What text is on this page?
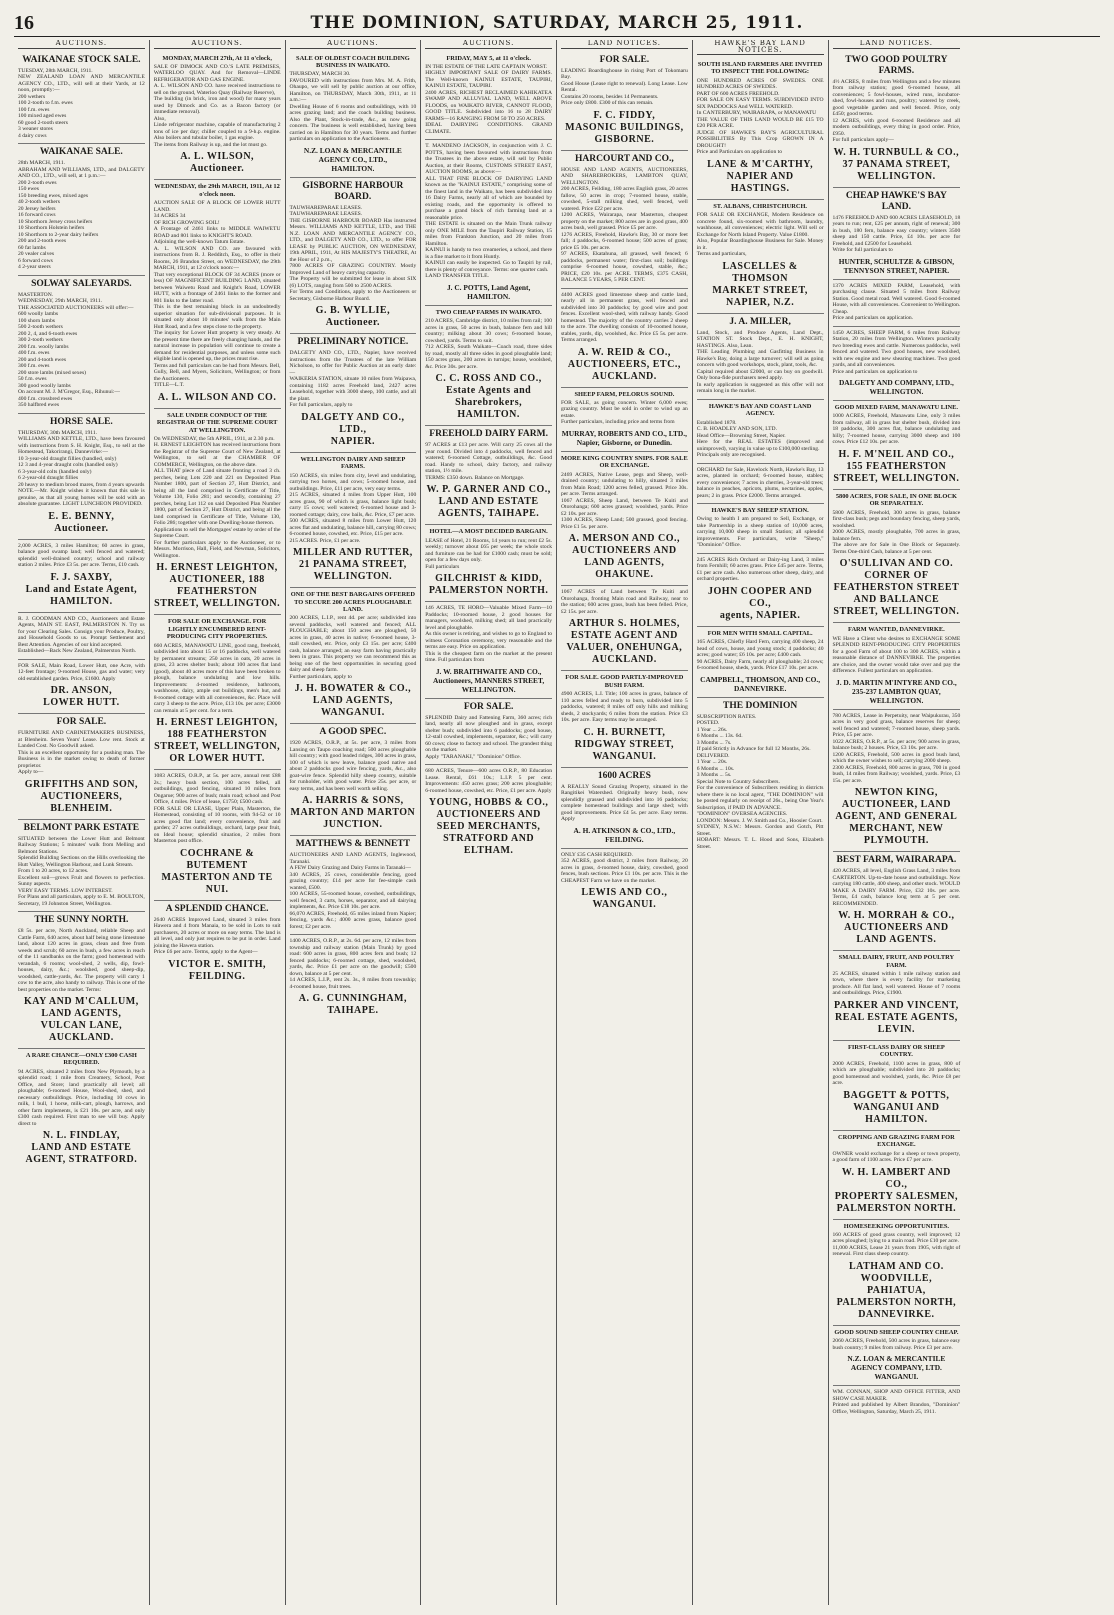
16	THE DOMINION, SATURDAY, MARCH 25, 1911.
AUCTIONS.
WAIKANAE STOCK SALE.
TUESDAY, 28th MARCH, 1911.
NEW ZEALAND LOAN AND MERCANTILE AGENCY CO., LTD., will sell at their Yards, at 12 noon, promptly:—
200 wethers
100 2-tooth to f.m. ewes
100 f.m. ewes
100 mixed aged ewes
60 good 2-tooth steers
3 weaner stores
4 dairy cows
WAIKANAE SALE.
28th MARCH, 1911.
ABRAHAM AND WILLIAMS, LTD., and DALGETY AND CO., LTD., will sell, at 1 p.m.:—
200 2-tooth ewes
150 ewes
150 breeding ewes, mixed ages
40 2-tooth wethers
20 Jersey heifers
16 forward cows
10 Shorthorn Jersey cross heifers
10 Shorthorn Holstein heifers
10 Shorthorn to 2-year dairy heifers
200 and 2-tooth ewes
60 fat lambs
20 vealer calves
6 forward cows
4 2-year steers
SOLWAY SALEYARDS.
MASTERTON.
WEDNESDAY, 29th MARCH, 1911.
THE ASSOCIATED AUCTIONEERS will offer:—
600 woolly lambs
100 shorn lambs
500 2-tooth wethers
200 2, 4, and 6-tooth ewes
300 2-tooth wethers
200 f.m. woolly lambs
400 f.m. ewes
200 and 4-tooth ewes
300 f.m. ewes
200 store lambs (mixed sexes)
50 f.m. ewes
300 good woolly lambs
On account M. J. M'Gregor, Esq., Rihunui:—
400 f.m. crossbred ewes
350 halfbred ewes
HORSE SALE.
THURSDAY, 30th MARCH, 1911.
WILLIAMS AND KETTLE, LTD., have been favoured with instructions from S. H. Knight, Esq., to sell at the Homestead, Takorirangi, Dannevirke:—
10 3-year-old draught fillies (handled, only)
12 3 and 4-year draught colts (handled only)
6 3-year-old colts (handled only)
6 2-year-old draught fillies
20 heavy to medium brood mares, from 4 years upwards
NOTE.—Mr. Knight wishes it known that this sale is genuine, as that all young horses will be sold with an absolute guarantee. LIGHT LUNCHEON PROVIDED.
E. E. BENNY,
Auctioneer.
2,000 ACRES, 3 miles Hamilton; 60 acres in grass, balance good swamp land; well fenced and watered; splendid well-drained country; school and railway station 2 miles. Price £3 5s. per acre. Terms, £10 cash.
F. J. SAXBY,
Land and Estate Agent, HAMILTON.
R. J. GOODMAN AND CO., Auctioneers and Estate Agents, MAIN ST. EAST, PALMERSTON N. Try us for your Clearing Sales. Consign your Produce, Poultry, and Household Goods to us. Prompt Settlement and Best Attention. Agencies of our kind accepted.
Established—Back New Zealand, Palmerston North.
FOR SALE, Main Road, Lower Hutt, one Acre, with 12-feet frontage; 9-roomed House, gas and water; very old established garden. Price, £1600. Apply
DR. ANSON,
LOWER HUTT.
FOR SALE.
FURNITURE AND CABINETMAKER'S BUSINESS, at Blenheim. Seven Years' Lease. Low rent. Stock at Landed Cost. No Goodwill asked.
This is an excellent opportunity for a pushing man. The Business is in the market owing to death of former proprietor.
Apply to—
GRIFFITHS AND SON,
AUCTIONEERS, BLENHEIM.
BELMONT PARK ESTATE
SITUATED between the Lower Hutt and Belmont Railway Stations; 5 minutes' walk from Melling and Belmont Stations.
Splendid Building Sections on the Hills overlooking the Hutt Valley, Wellington Harbour, and Lunk Stream.
From 1 to 20 acres, to 12 acres.
Excellent soil—grows Fruit and flowers to perfection. Sunny aspects.
VERY EASY TERMS. LOW INTEREST.
For Plans and all particulars, apply to E. M. BOULTON, Secretary, 19 Johnston Street, Wellington.
THE SUNNY NORTH.
£8 5s. per acre, North Auckland, reliable Sheep and Cattle Farm, 640 acres, about half being stone limestone land, about 120 acres in grass, clean and free from weeds and scrub; 60 acres in bush, a few acres in reach of the 11 sandbanks on the farm; good homestead with verandah, 6 rooms; wool-shed, 2 wells, dip, fowl-houses, dairy, &c.; woolshed, good sheep-dip, woodshed, cattle-yards, &c. The property will carry 1 cow to the acre, also handy to railway. This is one of the best properties on the market. Terms:
KAY AND M'CALLUM,
LAND AGENTS, VULCAN LANE, AUCKLAND.
A RARE CHANCE—ONLY £300 CASH REQUIRED.
94 ACRES, situated 2 miles from New Plymouth, by a splendid road; 1 mile from Creamery, School, Post Office, and Store; land practically all level; all ploughable; 6-roomed House, Wool-shed, shed, and necessary outbuildings. Price, including 10 cows in milk, 1 bull, 1 horse, milk-cart, plough, harrows, and other farm implements, is £21 10s. per acre, and only £300 cash required. First man to see will buy. Apply direct to
N. L. FINDLAY,
LAND AND ESTATE AGENT, STRATFORD.
AUCTIONS.
MONDAY, MARCH 27th, At 11 o'clock,
SALE OF DIMOCK AND CO.'S LATE PREMISES, WATERLOO QUAY. And for Removal—LINDE REFRIGERATOR AND GAS ENGINE.
A. L. WILSON AND CO. have received instructions to sell on the ground, Waterloo Quay (Railway Reserve),
The building (in brick, iron and wood) for many years used by Dimock and Co. as a Bacon factory (or immediate removal).
Also,
Linde refrigerator machine, capable of manufacturing 2 tons of ice per day; chiller coupled to a 9-h.p. engine. Also boilers and tubular boiler, 1 gas engine.
The items from Railway is up, and the lot must go.
A. L. WILSON, Auctioneer.
WEDNESDAY, the 29th MARCH, 1911, At 12 o'clock noon.
AUCTION SALE OF A BLOCK OF LOWER HUTT LAND.
34 ACRES 34
OF RICH GROWING SOIL!
A Frontage of 2461 links to MIDDLE WAIWETU ROAD and 801 links to KNIGHT'S ROAD.
Adjoining the well-known Tatum Estate.
A. L. WILSON AND CO. are favoured with instructions from R. J. Redditch, Esq., to offer in their Rooms, 26 Brandon Street, on WEDNESDAY, the 29th MARCH, 1911, at 12 o'clock noon:—
That very exceptional BLOCK OF 34 ACRES (more or less) OF MAGNIFICENT BUILDING LAND, situated between Waiwetu Road and Knight's Road, LOWER HUTT, with a frontage of 2461 links to the former and 801 links to the latter road.
This is the best remaining block in an undoubtedly superior situation for sub-divisional purposes. It is situated only about 10 minutes' walk from the Main Hutt Road, and a few steps close to the property.
The inquiry for Lower Hutt property is very steady. At the present time there are freely changing hands, and the natural increase in population will continue to create a demand for residential purposes, and unless some such eligible land is opened up, the prices must rise.
Terms and full particulars can be had from Messrs. Bell, Gully, Bell, and Myers, Solicitors, Wellington; or from the Auctioneers.
TITLE—L.T.
A. L. WILSON AND CO.
SALE UNDER CONDUCT OF THE REGISTRAR OF THE SUPREME COURT AT WELLINGTON.
On WEDNESDAY, the 5th APRIL, 1911, at 2.30 p.m.
H. ERNEST LEIGHTON has received instructions from the Registrar of the Supreme Court of New Zealand, at Wellington, to sell at the CHAMBER OF COMMERCE, Wellington, on the above date.
ALL THAT piece of Land situate fronting a road 3 ch. perches, being Lots 220 and 221 on Deposited Plan Number 1800, part of Section 27, Hutt District, and being all the land comprised in Certificate of Title, Volume 130, Folio 281; and secondly, containing 27 perches, being Lot 112 on said Deposited Plan Number 1800, part of Section 27, Hutt District, and being all the land comprised in Certificate of Title, Volume 130, Folio 286; together with one Dwelling-house thereon.
Applications to sell the Mortgages' estate by order of the Supreme Court.
For further particulars apply to the Auctioneer, or to Messrs. Morrison, Hall, Field, and Newman, Solicitors, Wellington.
H. ERNEST LEIGHTON,
AUCTIONEER, 188 FEATHERSTON STREET, WELLINGTON.
FOR SALE OR EXCHANGE. FOR LIGHTLY ENCUMBERED RENT-PRODUCING CITY PROPERTIES.
660 ACRES, MANAWATU LINE, good rang, freehold, subdivided into about 15 or 16 paddocks, well watered by permanent streams; 250 acres in oats, 20 acres in grass, 23 acres shelter bush; about 100 acres flat land (good), about 40 acres more of this have been broken to plough, balance undulating and low hills. Improvements: 4-roomed residence, bathroom, washhouse, dairy, ample out buildings, men's hut, and 8-roomed cottage with all conveniences, &c. Place will carry 3 sheep to the acre. Price, £13 10s. per acre; £3000 can remain at 5 per cent. for a term.
H. ERNEST LEIGHTON,
188 FEATHERSTON STREET, WELLINGTON, OR LOWER HUTT.
1083 ACRES, O.R.P., at 5s. per acre, annual rent £88 2s.; heavy bush section, 100 acres felled, all outbuildings, good fencing, situated 10 miles from Ongarue; 900 acres of bush; main road; school and Post Office, 4 miles. Price of lease, £1750; £500 cash.
FOR SALE OR LEASE, Upper Plain, Masterton, the Homestead, consisting of 10 rooms, with 94-52 or 10 acres good flat land; every convenience, fruit and garden; 27 acres outbuildings, orchard, large pear fruit, on Ideal house; splendid situation, 2 miles from Masterton post office.
COCHRANE & BUTEMENT
MASTERTON AND TE NUI.
A SPLENDID CHANCE.
2640 ACRES Improved Land, situated 3 miles from Hawera and 4 from Manaia, to be sold in Lots to suit purchasers, 20 acres or more on easy terms. The land is all level, and only just requires to be put in order. Land joining the Hawera station.
Price £6 per acre. Terms, apply to the Agent—
VICTOR E. SMITH,
FEILDING.
AUCTIONS.
SALE OF OLDEST COACH BUILDING BUSINESS IN WAIKATO.
THURSDAY, MARCH 30.
FAVOURED with instructions from Mrs. M. A. Frith, Ohaupo, we will sell by public auction at our office, Hamilton, on THURSDAY, March 30th, 1911, at 11 a.m.:—
Dwelling House of 6 rooms and outbuildings, with 10 acres grazing land; and the coach building business. Also the Plant, Stock-in-trade, &c., as now going concern. The business is well established, having been carried on in Hamilton for 30 years. Terms and further particulars on application to the Auctioneers.
N.Z. LOAN & MERCANTILE AGENCY CO., LTD.,
HAMILTON.
GISBORNE HARBOUR BOARD.
TAUWHAREPARAE LEASES.
TAUWHAREPARAE LEASES.
THE GISBORNE HARBOUR BOARD Has instructed Messrs. WILLIAMS AND KETTLE, LTD., and THE N.Z. LOAN AND MERCANTILE AGENCY CO., LTD., and DALGETY AND CO., LTD., to offer FOR LEASE by PUBLIC AUCTION, ON WEDNESDAY, 19th APRIL, 1911, At HIS MAJESTY'S THEATRE, At the Hour of 2 p.m.,
7800 ACRES OF GRAZING COUNTRY. Mostly Improved Land of heavy carrying capacity.
The Property will be submitted for lease in about SIX (6) LOTS, ranging from 500 to 2500 ACRES.
For Terms and Conditions, apply to the Auctioneers or Secretary, Gisborne Harbour Board.
G. B. WYLLIE,
Auctioneer.
PRELIMINARY NOTICE.
DALGETY AND CO., LTD., Napier, have received instructions from the Trustees of the late William Nicholson, to offer for Public Auction at an early date:—
WAIKERIA STATION, situate 10 miles from Waipawa, containing 1182 acres Freehold land, 2427 acres Leasehold, together with 3000 sheep, 100 cattle, and all the plant.
For full particulars, apply to
DALGETY AND CO., LTD.,
NAPIER.
WELLINGTON DAIRY AND SHEEP FARMS.
150 ACRES, six miles from city, level and undulating, carrying two horses, and cows; 5-roomed house, and outbuildings. Price, £11 per acre, very easy terms.
215 ACRES, situated 4 miles from Upper Hutt, 100 acres grass, 90 of which is grass, balance light bush; carry 15 cows; well watered; 6-roomed house and 3-roomed cottage; dairy, cow bails, &c. Price, £7 per acre.
500 ACRES, situated 8 miles from Lower Hutt, 120 acres flat and undulating, balance hill, carrying 80 cows; 6-roomed house, cowshed, etc. Price, £15 per acre.
215 ACRES. Price, £1 per acre.
MILLER AND RUTTER,
21 PANAMA STREET, WELLINGTON.
ONE OF THE BEST BARGAINS OFFERED TO SECURE 200 ACRES PLOUGHABLE LAND.
200 ACRES, L.I.P., rent 4d. per acre; subdivided into several paddocks, well watered and fenced; ALL PLOUGHABLE; about 150 acres are ploughed, 50 acres in grass, 40 acres in native; 6-roomed house, 3-stall cowshed, etc. Price, only £3 15s. per acre; £400 cash, balance arranged; an easy farm having practically been in grass. This property we can recommend this as being one of the best opportunities in securing good dairy and sheep farm.
Further particulars, apply to
J. H. BOWATER & CO.,
LAND AGENTS, WANGANUI.
A GOOD SPEC.
1920 ACRES, O.R.P., at 5s. per acre, 3 miles from Lansing on Taupo coaching road; 500 acres ploughable hill country; with good leaded ridges, 300 acres in grass, 100 of which is new leave, balance good native and about 2 paddocks good wire fencing, yards, &c., also goat-wire fence. Splendid hilly sheep country, suitable for runholder, with good water. Price 25s. per acre, or easy terms, and has been well worth selling.
A. HARRIS & SONS,
MARTON AND MARTON JUNCTION.
MATTHEWS & BENNETT
AUCTIONEERS AND LAND AGENTS, Inglewood, Taranaki.
A FEW Dairy Grazing and Dairy Farms in Taranaki—
340 ACRES, 25 cows, considerable fencing, good grazing country; £14 per acre for fee-simple cash wanted, £500.
100 ACRES, 55-roomed house, cowshed, outbuildings, well fenced, 3 carts, horses, separator, and all dairying implements, &c. Price £18 10s. per acre.
66,070 ACRES, Freehold, 65 miles inland from Napier; fencing, yards &c.; 4000 acres grass, balance good forest; £2 per acre.
1400 ACRES, O.R.P., at 2s. 6d. per acre, 12 miles from township and railway station (Main Trunk) by good road: 600 acres in grass, 800 acres fern and bush; 12 fenced paddocks; 6-roomed cottage, shed, woolshed, yards, &c. Price £1 per acre on the goodwill; £500 down, balance at 5 per cent.
14 ACRES, L.I.P., rent 2s. 3s., 8 miles from township; 4-roomed house, fruit trees.
A. G. CUNNINGHAM,
TAIHAPE.
AUCTIONS.
FRIDAY, MAY 5, at 11 o'clock.
IN THE ESTATE OF THE LATE CAPTAIN WORST.
HIGHLY IMPORTANT SALE OF DAIRY FARMS. The Well-known KAINUI ESTATE, TAUPIRI, KAINUI ESTATE, TAUPIRI.
2400 ACRES, RICHEST RECLAIMED KAHIKATEA SWAMP AND ALLUVIAL LAND, WELL ABOVE FLOODS, on WAIKATO RIVER, CANNOT FLOOD, GOOD TITLE. Subdivided into 16 to 28 DAIRY FARMS—16 RANGING FROM 50 TO 250 ACRES.
IDEAL DAIRYING CONDITIONS. GRAND CLIMATE.
T. MANDENO JACKSON, in conjunction with J. C. POTTS, having been favoured with instructions from the Trustees in the above estate, will sell by Public Auction, at their Rooms, CUSTOMS STREET EAST, AUCTION ROOMS, as above:—
ALL THAT FINE BLOCK OF DAIRYING LAND known as the "KAINUI ESTATE," comprising some of the finest land in the Waikato, has been subdivided into 16 Dairy Farms, nearly all of which are bounded by existing roads, and the opportunity is offered to purchase a grand block of rich farming land at a reasonable price.
THE ESTATE is situated on the Main Trunk railway only ONE MILE from the Taupiri Railway Station, 15 miles from Frankton Junction, and 20 miles from Hamilton.
KAINUI is handy to two creameries, a school, and there is a fine market to it from Huntly.
KAINUI can easily be inspected. Go to Taupiri by rail, there is plenty of conveyance. Terms: one quarter cash.
LAND TRANSFER TITLE.
J. C. POTTS, Land Agent, HAMILTON.
TWO CHEAP FARMS IN WAIKATO.
210 ACRES, Cambridge district, 10 miles from rail; 100 acres in grass, 50 acres in bush, balance fern and hill country; milking about 30 cows; 6-roomed house, cowshed, yards. Terms to suit.
712 ACRES, South Waikato—Coach road, three sides by road, mostly all three sides in good ploughable land; 150 acres grass, 200 acres in turnips; house, woolshed, &c. Price 30s. per acre.
C. C. ROSS AND CO.,
Estate Agents and Sharebrokers, HAMILTON.
FREEHOLD DAIRY FARM.
97 ACRES at £13 per acre. Will carry 25 cows all the year round. Divided into 4 paddocks, well fenced and watered; 6-roomed Cottage, outbuildings, &c. Good road. Handy to school, dairy factory, and railway station, 1½ mile.
TERMS: £350 down. Balance on Mortgage.
W. P. GARNER AND CO.,
LAND AND ESTATE AGENTS, TAIHAPE.
HOTEL—A MOST DECIDED BARGAIN.
LEASE of Hotel, 21 Rooms, 14 years to run; rent £2 5s. weekly; turnover about £65 per week; the whole stock and furniture can be had for £1000 cash; must be sold; open for a few days only.
Full particulars
GILCHRIST & KIDD,
PALMERSTON NORTH.
146 ACRES, TE HORO—Valuable Mixed Farm—10 Paddocks; 10-roomed house, 2 good houses for managers, woolshed, milking shed; all land practically level and ploughable.
As this owner is retiring, and wishes to go to England to witness Coronation ceremony, very reasonable and the terms are easy. Price on application.
This is the cheapest farm on the market at the present time. Full particulars from
J. W. BRAITHWAITE AND CO.,
Auctioneers, MANNERS STREET, WELLINGTON.
FOR SALE.
SPLENDID Dairy and Fattening Farm, 360 acres; rich land, nearly all now ploughed and in grass, except shelter bush; subdivided into 6 paddocks; good house, 12-stall cowshed, implements, separator, &c.; will carry 60 cows; close to factory and school. The grandest thing on the market.
Apply "TARANAKI," "Dominion" Office.
680 ACRES, Tenure—600 acres O.R.P., 80 Education Lease. Rental, £61 10s.; L.I.P. 5 per cent. Improvements: 450 acres grass; 200 acres ploughable; 6-roomed house, cowshed, etc. Price, £1 per acre. Apply
YOUNG, HOBBS & CO.,
AUCTIONEERS AND SEED MERCHANTS, STRATFORD AND ELTHAM.
LAND NOTICES.
FOR SALE.
LEADING Boardinghouse in rising Port of Tokomaru Bay.
Good House (Lease right to renewal). Long Lease. Low Rental.
Contains 20 rooms, besides 14 Permanents.
Price only £800. £300 of this can remain.
F. C. FIDDY,
MASONIC BUILDINGS, GISBORNE.
HARCOURT AND CO.,
HOUSE AND LAND AGENTS, AUCTIONEERS, AND SHAREBROKERS, LAMBTON QUAY, WELLINGTON.
200 ACRES, Feilding, 180 acres English grass, 20 acres fallow, 50 acres in crop; 7-roomed house, stable, cowshed, 5-stall milking shed, well fenced, well watered. Price £22 per acre.
1200 ACRES, Wairarapa, near Masterton, cheapest property on the market; 800 acres are in good grass, 400 acres bush, well grassed. Price £5 per acre.
1276 ACRES, Freehold, Hawke's Bay, 30 or more feet fall; 4 paddocks, 6-roomed house; 500 acres of grass; price £5 10s. per acre.
97 ACRES, Ekatahuna, all grassed, well fenced; 6 paddocks, permanent water; first-class soil; buildings comprise 6-roomed house, cowshed, stable, &c.; PRICE, £20 10s. per ACRE. TERMS, £375 CASH, BALANCE 5 YEARS, 5 PER CENT.
4400 ACRES good limestone sheep and cattle land, nearly all in permanent grass, well fenced and subdivided into 30 paddocks; by good wire and post fences. Excellent wool-shed, with railway handy. Good homestead. The majority of the country carries 2 sheep to the acre. The dwelling consists of 10-roomed house, stables, yards, dip, woolshed, &c. Price £5 5s. per acre. Terms arranged.
A. W. REID & CO.,
AUCTIONEERS, ETC., AUCKLAND.
SHEEP FARM, PELORUS SOUND.
FOR SALE, as going concern. Winter 6,000 ewes; grazing country. Must be sold in order to wind up an estate.
Further particulars, including price and terms from
MURRAY, ROBERTS AND CO., LTD.,
Napier, Gisborne, or Dunedin.
MORE KING COUNTRY SNIPS. FOR SALE OR EXCHANGE.
2469 ACRES, Native Lease, pegs and Sheep, well-drained country; undulating to hilly, situated 3 miles from Main Road; 1200 acres felled, grassed. Price 30s. per acre. Terms arranged.
1067 ACRES, Sheep Land, between Te Kuiti and Otorohanga; 600 acres grassed; woolshed, yards. Price £2 10s. per acre.
1300 ACRES, Sheep Land; 500 grassed, good fencing. Price £1 5s. per acre.
A. MERSON AND CO.,
AUCTIONEERS AND LAND AGENTS, OHAKUNE.
1067 ACRES of Land between Te Kuiti and Otorohanga, fronting Main road and Railway, near to the station; 600 acres grass, bush has been felled. Price, £2 15s. per acre.
ARTHUR S. HOLMES,
ESTATE AGENT AND VALUER, ONEHUNGA, AUCKLAND.
FOR SALE. GOOD PARTLY-IMPROVED BUSH FARM.
4900 ACRES, L.I. Title; 100 acres in grass, balance of 110 acres felled and ready to burn, subdivided into 5 paddocks, watered; 8 miles off only hills and milking sheds, 2 stockyards; 6 miles from the station. Price £3 10s. per acre. Easy terms may be arranged.
C. H. BURNETT,
RIDGWAY STREET, WANGANUI.
1600 ACRES
A REALLY Sound Grazing Property, situated in the Rangitikei Watershed. Originally heavy bush, now splendidly grassed and subdivided into 16 paddocks; complete homestead buildings and large shed; with good improvements. Price £4 5s. per acre. Easy terms. Apply
A. H. ATKINSON & CO., LTD.,
FEILDING.
ONLY £35 CASH REQUIRED.
352 ACRES, good district, 2 miles from Railway, 20 acres in grass, 4-roomed house, dairy, cowshed, good fences, bush sections. Price £1 10s. per acre. This is the CHEAPEST Farm we have on the market.
LEWIS AND CO.,
WANGANUI.
HAWKE'S BAY LAND NOTICES.
SOUTH ISLAND FARMERS ARE INVITED TO INSPECT THE FOLLOWING:
ONE HUNDRED ACRES OF SWEDES. ONE HUNDRED ACRES OF SWEDES.
PART OF 600 ACRES FREEHOLD.
FOR SALE ON EASY TERMS. SUBDIVIDED INTO SIX PADDOCKS And WELL WATERED.
In CANTERBURY, WAIRARAPA, or MANAWATU
THE VALUE OF THIS LAND WOULD BE £15 TO £20 PER ACRE.
JUDGE OF HAWKE'S BAY'S AGRICULTURAL POSSIBILITIES By This Crop GROWN IN A DROUGHT!
Price and Particulars on application to
LANE & M'CARTHY,
NAPIER AND HASTINGS.
ST. ALBANS, CHRISTCHURCH.
FOR SALE OR EXCHANGE, Modern Residence on concrete found, six-roomed with bathroom, laundry, washhouse, all conveniences; electric light. Will sell or Exchange for North Island Property. Value £1800.
Also, Popular Boardinghouse Business for Sale. Money in it.
Terms and particulars,
LASCELLES & THOMSON
MARKET STREET, NAPIER, N.Z.
J. A. MILLER,
Land, Stock, and Produce Agents, Land Dept., STATION ST. Stock Dept., E. H. KNIGHT, HASTINGS. Also, Lean.
THE Leading Plumbing and Gasfitting Business in Hawke's Bay, doing a large turnover; will sell as going concern with good workshops, stock, plant, tools, &c.
Capital required about £2000, or can buy on goodwill. Only bona-fide purchasers need apply.
In early application is suggested as this offer will not remain long in the market.
HAWKE'S BAY AND COAST LAND AGENCY.
Established 1878.
C. B. HOADLEY AND SON, LTD.
Head Office—Browning Street, Napier.
Here for the REAL ESTATES (improved and unimproved), varying in value up to £100,000 sterling.
Principals only are recognised.
ORCHARD for Sale, Havelock North, Hawke's Bay, 13 acres, planted in orchard; 6-roomed house, stables; every convenience; 7 acres in cherries, 3-year-old trees; balance in peaches, apricots, plums, nectarines, apples, pears; 2 in grass. Price £2000. Terms arranged.
HAWKE'S BAY SHEEP STATION.
Owing to health I am prepared to Sell, Exchange, or take Partnership in a sheep station of 10,000 acres, carrying 10,000 sheep in small Station; all splendid improvements. For particulars, write "Sheep," "Dominion" Office.
245 ACRES Rich Orchard or Dairy-ing Land, 3 miles from Fernhill; 60 acres grass. Price £45 per acre. Terms, £1 per acre cash. Also numerous other sheep, dairy, and orchard properties.
JOHN COOPER AND CO.,
agents, NAPIER.
FOR MEN WITH SMALL CAPITAL.
165 ACRES, Chiefly Hard Fern, carrying 400 sheep, 24 head of cows, house, and young stock; 4 paddocks; 40 acres; good water; £6 10s. per acre; £400 cash.
90 ACRES, Dairy Farm, nearly all ploughable; 24 cows; 6-roomed house, sheds, yards. Price £17 10s. per acre.
CAMPBELL, THOMSON, AND CO.,
DANNEVIRKE.
THE DOMINION
SUBSCRIPTION RATES.
POSTED.
1 Year ... 26s.
6 Months ... 13s. 6d.
3 Months ... 7s.
If paid Strictly in Advance for full 12 Months, 26s.
DELIVERED.
1 Year ... 20s.
6 Months ... 10s.
3 Months ... 5s.
Special Note to Country Subscribers.
For the convenience of Subscribers residing in districts where there is no local agent, "THE DOMINION" will be posted regularly on receipt of 26s., being One Year's Subscription, if PAID IN ADVANCE.
"DOMINION" OVERSEA AGENCIES.
LONDON: Messrs. J. W. Smith and Co., Hoosier Court.
SYDNEY, N.S.W.: Messrs. Gordon and Gotch, Pitt Street.
HOBART: Messrs. T. L. Hood and Sons, Elizabeth Street.
LAND NOTICES.
TWO GOOD POULTRY FARMS.
4½ ACRES, 8 miles from Wellington and a few minutes from railway station; good 6-roomed house, all conveniences; 5 fowl-houses, wired runs, incubator-shed, fowl-houses and runs, poultry; watered by creek, good vegetable garden and well fenced. Price, only £450; good terms.
12 ACRES, with good 6-roomed Residence and all modern outbuildings, every thing in good order. Price, £950.
For full particulars apply—
W. H. TURNBULL & CO.,
37 PANAMA STREET, WELLINGTON.
CHEAP HAWKE'S BAY LAND.
1476 FREEHOLD AND 600 ACRES LEASEHOLD, 18 years to run; rent, £25 per annum, right of renewal; 300 in bush, 180 fern, balance easy country; winters 3500 sheep and 150 cattle. Price, £4 10s. per acre for Freehold, and £2500 for Leasehold.
Write for full particulars to
HUNTER, SCHULTZE & GIBSON,
TENNYSON STREET, NAPIER.
1370 ACRES MIXED FARM, Leasehold, with purchasing clause. Situated 5 miles from Railway Station. Good metal road. Well watered. Good 6-roomed House, with all conveniences. Convenient to Wellington. Cheap.
Price and particulars on application.
1450 ACRES, SHEEP FARM, 6 miles from Railway Station, 20 miles from Wellington. Winters practically two breeding ewes and cattle. Numerous paddocks, well fenced and watered. Two good houses, new woolshed, with new engine and new shearing machines. Two good yards, and all conveniences.
Price and particulars on application to
DALGETY AND COMPANY, LTD.,
WELLINGTON.
GOOD MIXED FARM, MANAWATU LINE.
1000 ACRES, Freehold, Manawatu Line, only 3 miles from railway, all in grass but shelter bush, divided into 18 paddocks, 300 acres flat, balance undulating and hilly; 7-roomed house, carrying 3000 sheep and 100 cows. Price £12 10s. per acre.
H. F. M'NEIL AND CO.,
155 FEATHERSTON STREET, WELLINGTON.
5800 ACRES, FOR SALE, IN ONE BLOCK OR SEPARATELY.
5800 ACRES, Freehold, 300 acres in grass, balance first-class bush; pegs and boundary fencing, sheep yards, woolshed.
2000 ACRES, mostly ploughable, 700 acres in grass, balance fern.
The above are for Sale in One Block or Separately. Terms One-third Cash, balance at 5 per cent.
O'SULLIVAN AND CO.
CORNER OF FEATHERSTON STREET AND BALLANCE STREET, WELLINGTON.
FARM WANTED, DANNEVIRKE.
WE Have a Client who desires to EXCHANGE SOME SPLENDID RENT-PRODUCING CITY PROPERTIES for a good Farm of about 100 to 300 ACRES, within a reasonable distance of DANNEVIRKE. The properties are choice, and the owner would take over and pay the difference. Fullest particulars on application.
J. D. MARTIN M'INTYRE AND CO.,
235-237 LAMBTON QUAY, WELLINGTON.
780 ACRES, Lease in Perpetuity, near Waipukurau, 350 acres in very good grass, balance reserves for sheep; well fenced and watered; 7-roomed house, sheep yards. Price, £5 per acre.
1022 ACRES, O.R.P., at 5s. per acre; 900 acres in grass, balance bush; 2 houses. Price, £3 10s. per acre.
1200 ACRES, Freehold, 500 acres in good bush land, which the owner wishes to sell; carrying 2000 sheep.
2300 ACRES, Freehold, 800 acres in grass, 700 in good bush, 14 miles from Railway; woolshed, yards. Price, £3 15s. per acre.
NEWTON KING,
AUCTIONEER, LAND AGENT, AND GENERAL MERCHANT, NEW PLYMOUTH.
BEST FARM, WAIRARAPA.
420 ACRES, all level, English Grass Land, 3 miles from CARTERTON. Up-to-date house and outbuildings. Now carrying 180 cattle, 400 sheep, and other stock. WOULD MAKE A DAIRY FARM. Price, £32 10s. per acre. Terms, £4 cash, balance long term at 5 per cent. RECOMMENDED.
W. H. MORRAH & CO.,
AUCTIONEERS AND LAND AGENTS.
SMALL DAIRY, FRUIT, AND POULTRY FARM.
25 ACRES, situated within 1 mile railway station and town, where there is every facility for marketing produce. All flat land, well watered. House of 7 rooms and outbuildings. Price, £1900.
PARKER AND VINCENT,
REAL ESTATE AGENTS, LEVIN.
FIRST-CLASS DAIRY OR SHEEP COUNTRY.
2000 ACRES, Freehold, 1100 acres in grass, 800 of which are ploughable; subdivided into 20 paddocks; good homestead and woolshed, yards, &c. Price £8 per acre.
BAGGETT & POTTS,
WANGANUI AND HAMILTON.
CROPPING AND GRAZING FARM FOR EXCHANGE.
OWNER would exchange for a sheep or town property, a good farm of 1100 acres. Price £7 per acre.
W. H. LAMBERT AND CO.,
PROPERTY SALESMEN, PALMERSTON NORTH.
HOMESEEKING OPPORTUNITIES.
160 ACRES of good grass country, well improved; 12 acres ploughed; lying to a main road. Price £10 per acre.
11,000 ACRES, Lease 21 years from 1905, with right of renewal. First class sheep country.
LATHAM AND CO.
WOODVILLE, PAHIATUA, PALMERSTON NORTH, DANNEVIRKE.
GOOD SOUND SHEEP COUNTRY CHEAP.
2060 ACRES, Freehold, 500 acres in grass, balance easy bush country; 9 miles from railway. Price £3 per acre.
N.Z. LOAN & MERCANTILE AGENCY COMPANY, LTD.
WANGANUI.
WM. CONNAN, SHOP AND OFFICE FITTER, AND SHOW CASE MAKER.
Printed and published by Albert Brandon, "Dominion" Office, Wellington, Saturday, March 25, 1911.
